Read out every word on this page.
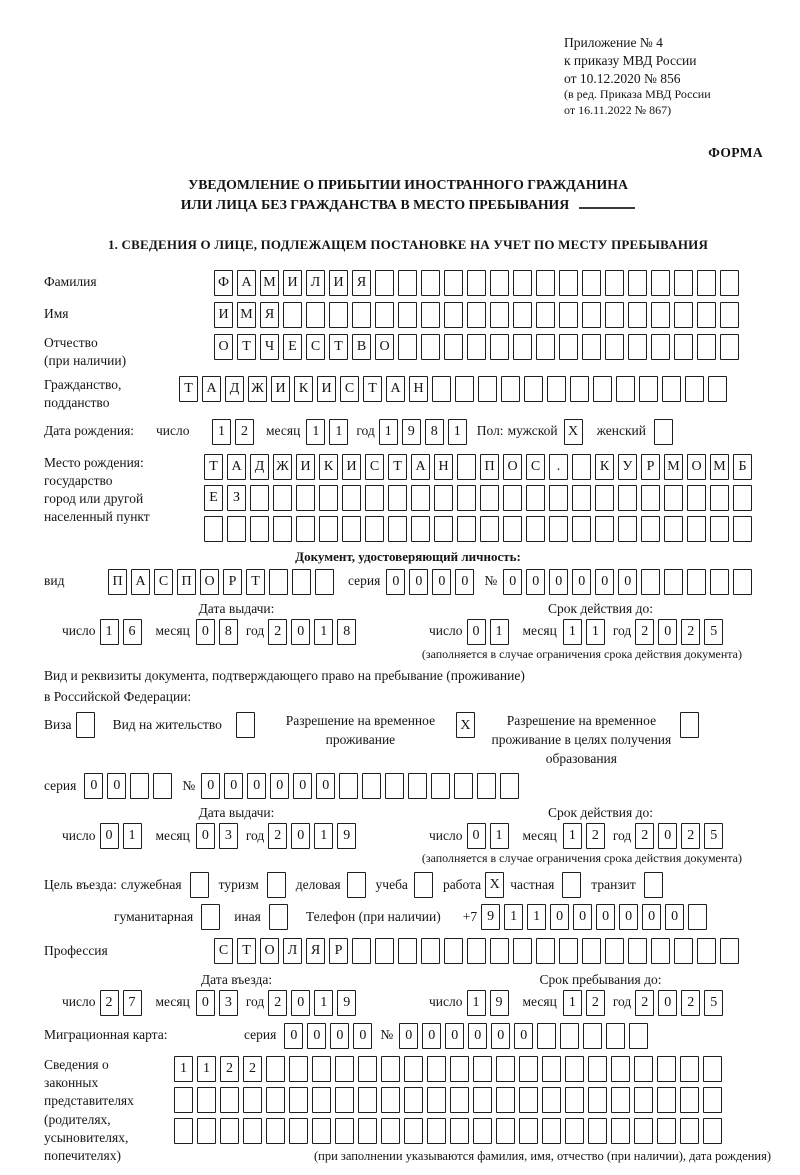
Приложение № 4
к приказу МВД России
от 10.12.2020 № 856
(в ред. Приказа МВД России
от 16.11.2022 № 867)
ФОРМА
УВЕДОМЛЕНИЕ О ПРИБЫТИИ ИНОСТРАННОГО ГРАЖДАНИНА
ИЛИ ЛИЦА БЕЗ ГРАЖДАНСТВА В МЕСТО ПРЕБЫВАНИЯ
1. СВЕДЕНИЯ О ЛИЦЕ, ПОДЛЕЖАЩЕМ ПОСТАНОВКЕ НА УЧЕТ ПО МЕСТУ ПРЕБЫВАНИЯ
Фамилия	Ф А М И Л И Я
Имя	И М Я
Отчество
(при наличии)
О Т	Ч	Е	С	Т	В О
Гражданство,
подданство
Т А Д Ж И К И С	Т А Н
Дата рождения:	число	1	2	месяц 1	1	год 1	9	8	1	Пол: мужской X	женский
Место рождения:
государство
город или другой
населенный пункт
Т А Д Ж И К И С	Т А Н	П О С	.	К У	Р М О М Б
Е	З
Документ, удостоверяющий личность:
вид	П А С П О	Р	Т	серия 0	0	0	0	№ 0	0	0	0	0	0
Дата выдачи:	Срок действия до:
число 1	6	месяц 0	8	год 2	0	1	8	число 0	1	месяц 1	1	год 2	0	2	5
(заполняется в случае ограничения срока действия документа)
Вид и реквизиты документа, подтверждающего право на пребывание (проживание)
в Российской Федерации:
Виза	Вид на жительство	Разрешение на временное проживание
X	Разрешение на временное проживание в целях получения образования
серия	0	0	№ 0	0	0	0	0	0
Дата выдачи:	Срок действия до:
число 0	1	месяц 0	3	год 2	0	1	9	число 0	1	месяц 1	2	год 2	0	2	5
(заполняется в случае ограничения срока действия документа)
Цель въезда: служебная	туризм	деловая	учеба	работа X частная	транзит
гуманитарная	иная	Телефон (при наличии) +7 9	1	1	0	0	0	0	0	0
Профессия	С	Т О Л Я	Р
Дата въезда:	Срок пребывания до:
число 2	7	месяц 0	3	год 2	0	1	9	число 1	9	месяц 1	2	год 2	0	2	5
Миграционная карта:	серия	0	0	0	0	№ 0	0	0	0	0	0
Сведения о
законных
представителях
(родителях,
усыновителях,
попечителях)
1	1	2	2
(при заполнении указываются фамилия, имя, отчество (при наличии), дата рождения)
